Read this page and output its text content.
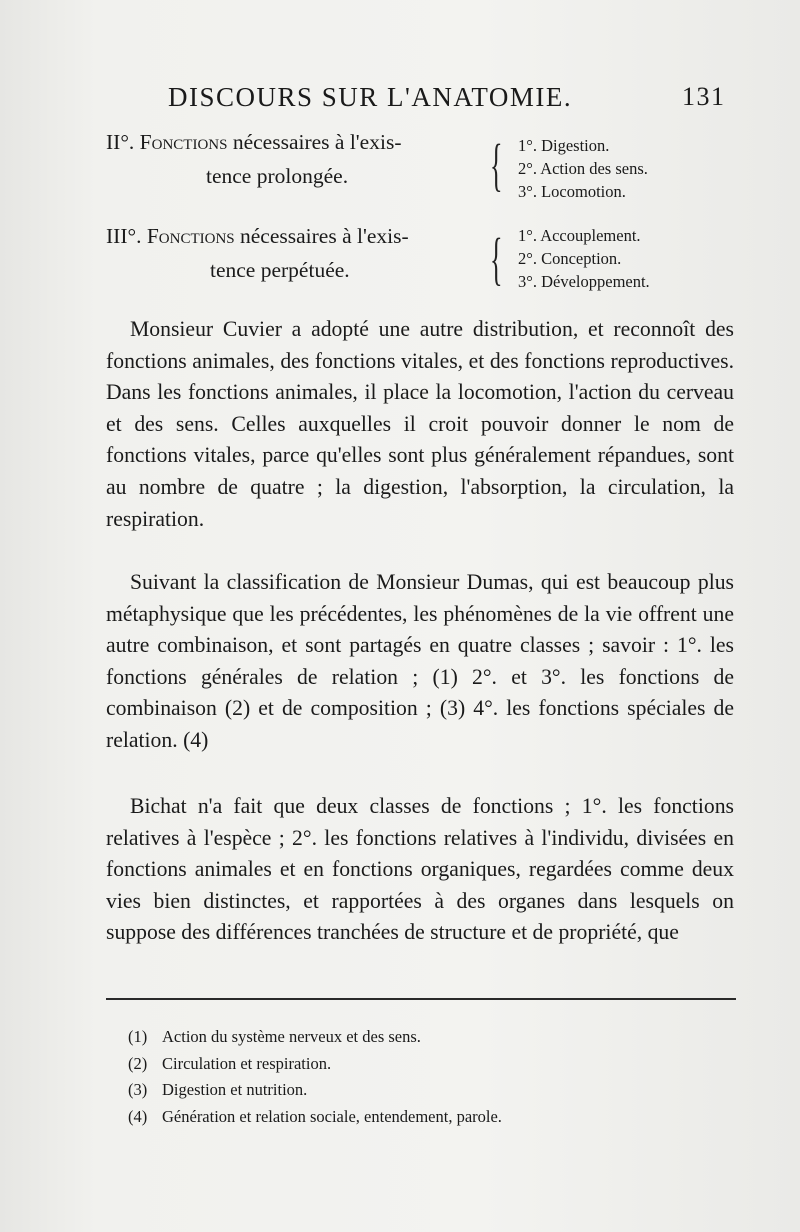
DISCOURS SUR L'ANATOMIE.	131
II°. Fonctions nécessaires à l'exis-
tence prolongée. { 1°. Digestion.
2°. Action des sens.
3°. Locomotion.
III°. Fonctions nécessaires à l'exis-
tence perpétuée. { 1°. Accouplement.
2°. Conception.
3°. Développement.

Monsieur Cuvier a adopté une autre distribution, et reconnoît des fonctions animales, des fonctions vitales, et des fonctions reproductives. Dans les fonctions animales, il place la locomotion, l'action du cerveau et des sens. Celles auxquelles il croit pouvoir donner le nom de fonctions vitales, parce qu'elles sont plus généralement répandues, sont au nombre de quatre ; la digestion, l'absorption, la circulation, la respiration.

Suivant la classification de Monsieur Dumas, qui est beaucoup plus métaphysique que les précédentes, les phénomènes de la vie offrent une autre combinaison, et sont partagés en quatre classes ; savoir : 1°. les fonctions générales de relation ; (1) 2°. et 3°. les fonctions de combinaison (2) et de composition ; (3) 4°. les fonctions spéciales de relation. (4)

Bichat n'a fait que deux classes de fonctions ; 1°. les fonctions relatives à l'espèce ; 2°. les fonctions relatives à l'individu, divisées en fonctions animales et en fonctions organiques, regardées comme deux vies bien distinctes, et rapportées à des organes dans lesquels on suppose des différences tranchées de structure et de propriété, que

(1) Action du système nerveux et des sens.
(2) Circulation et respiration.
(3) Digestion et nutrition.
(4) Génération et relation sociale, entendement, parole.
